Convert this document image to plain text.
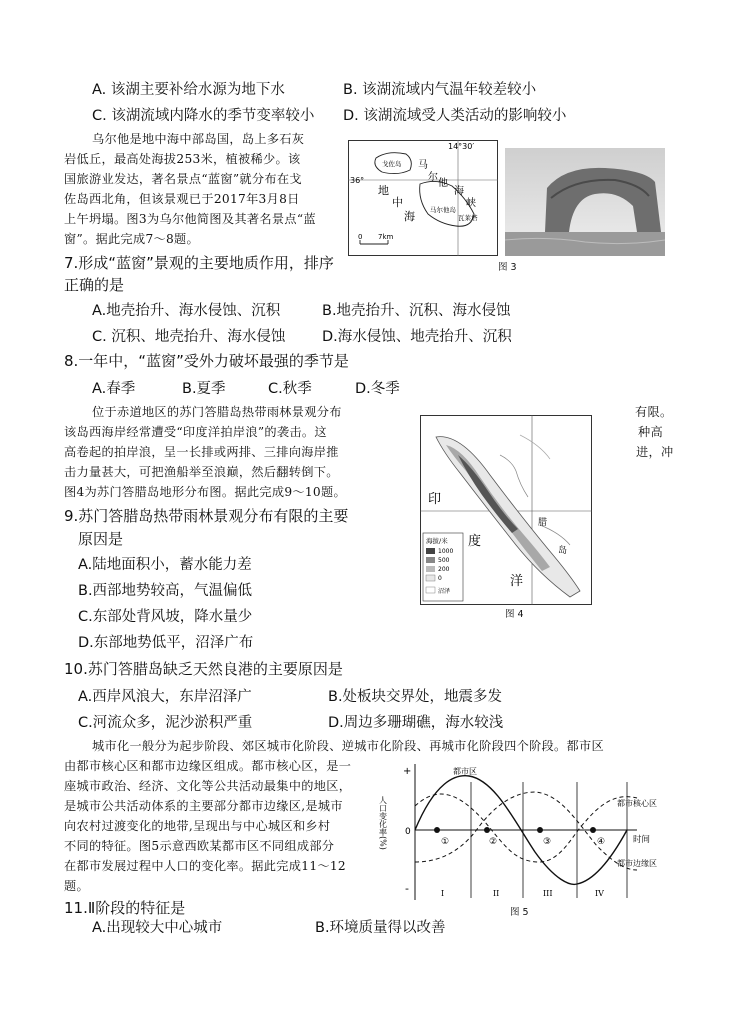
A. 该湖主要补给水源为地下水	B. 该湖流域内气温年较差较小
C. 该湖流域内降水的季节变率较小 D. 该湖流域受人类活动的影响较小
乌尔他是地中海中部岛国，岛上多石灰
岩低丘，最高处海拔253米，植被稀少。该
国旅游业发达，著名景点“蓝窗”就分布在戈
佐岛西北角，但该景观已于2017年3月8日
上午坍塌。图3为乌尔他简图及其著名景点“蓝
窗”。据此完成7～8题。
14°30′
36°
戈佐岛
地
中
海
马
尔
他
海
峡
马尔他岛
瓦莱塔
0 7km
图 3
7.形成“蓝窗”景观的主要地质作用，排序
正确的是
A.地壳抬升、海水侵蚀、沉积	B.地壳抬升、沉积、海水侵蚀
C. 沉积、地壳抬升、海水侵蚀	D.海水侵蚀、地壳抬升、沉积
8.一年中，“蓝窗”受外力破坏最强的季节是
A.春季	B.夏季	C.秋季	D.冬季
位于赤道地区的苏门答腊岛热带雨林景观分布	有限。
该岛西海岸经常遭受“印度洋拍岸浪”的袭击。这	种高
高卷起的拍岸浪，呈一长排或两排、三排向海岸推	进，冲
击力量甚大，可把渔船举至浪巅，然后翻转倒下。
图4为苏门答腊岛地形分布图。据此完成9～10题。
海拔/米
1000
500
200
0
沼泽
印
度
洋
腊
岛
图 4
9.苏门答腊岛热带雨林景观分布有限的主要
原因是
A.陆地面积小，蓄水能力差
B.西部地势较高，气温偏低
C.东部处背风坡，降水量少
D.东部地势低平，沼泽广布
10.苏门答腊岛缺乏天然良港的主要原因是
A.西岸风浪大，东岸沼泽广	B.处板块交界处，地震多发
C.河流众多，泥沙淤积严重	D.周边多珊瑚礁，海水较浅
城市化一般分为起步阶段、郊区城市化阶段、逆城市化阶段、再城市化阶段四个阶段。都市区
由都市核心区和都市边缘区组成。都市核心区，是一
座城市政治、经济、文化等公共活动最集中的地区，
是城市公共活动体系的主要部分都市边缘区,是城市
向农村过渡变化的地带,呈现出与中心城区和乡村
不同的特征。图5示意西欧某都市区不同组成部分
在都市发展过程中人口的变化率。据此完成11～12
题。
+
-
0
人口变化率(%)	时间
都市区
都市核心区
都市边缘区
①	②	③	④
I	II	III	IV
图 5
11.Ⅱ阶段的特征是
A.出现较大中心城市	B.环境质量得以改善
